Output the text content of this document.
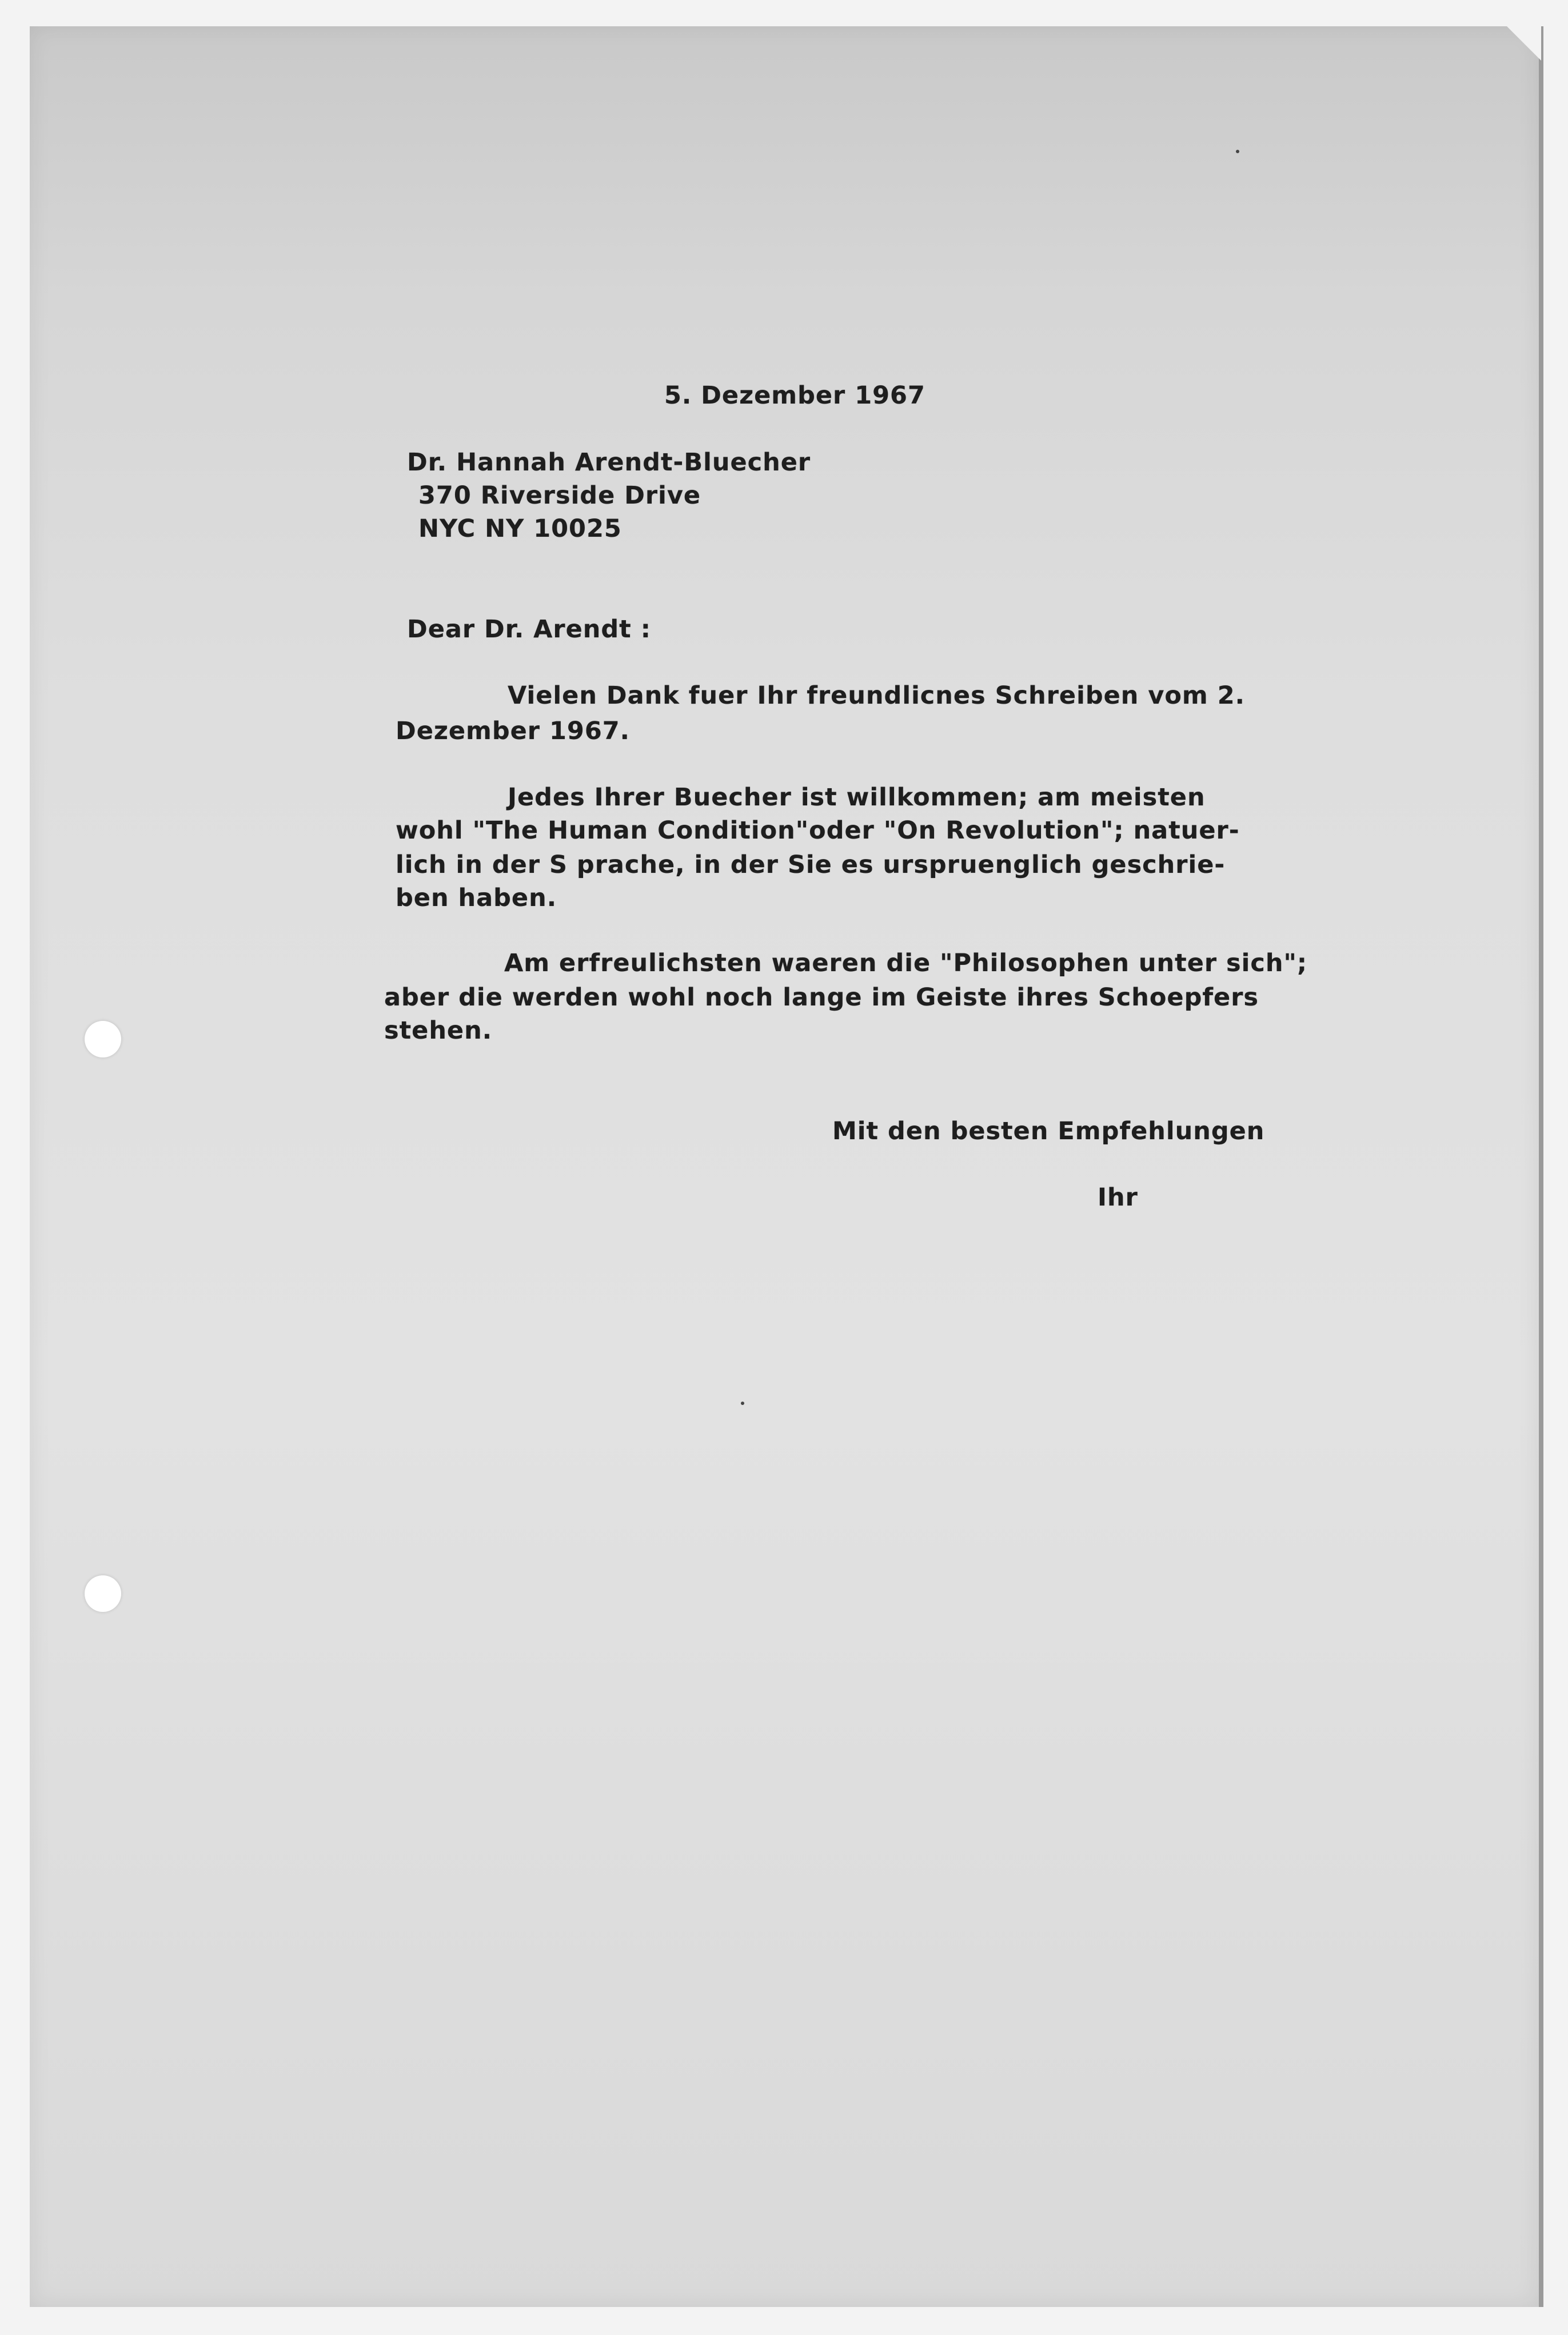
5. Dezember 1967
Dr. Hannah Arendt-Bluecher
370 Riverside Drive
NYC NY 10025
Dear Dr. Arendt :
Vielen Dank fuer Ihr freundlicnes Schreiben vom 2.
Dezember 1967.
Jedes Ihrer Buecher ist willkommen; am meisten
wohl "The Human Condition"oder "On Revolution"; natuer-
lich in der S prache, in der Sie es urspruenglich geschrie-
ben haben.
Am erfreulichsten waeren die "Philosophen unter sich";
aber die werden wohl noch lange im Geiste ihres Schoepfers
stehen.
Mit den besten Empfehlungen
Ihr
